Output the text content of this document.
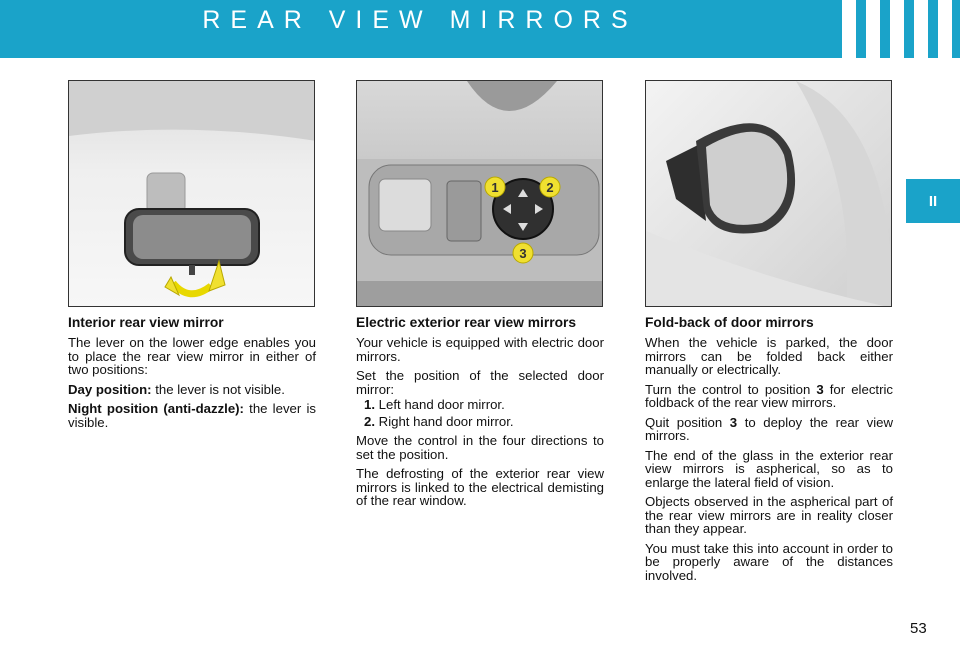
REAR VIEW MIRRORS
II
1	2
3
Interior rear view mirror

The lever on the lower edge enables you to place the rear view mirror in either of two positions:

Day position: the lever is not visible.

Night position (anti-dazzle): the lever is visible.

Electric exterior rear view mirrors

Your vehicle is equipped with electric door mirrors.

Set the position of the selected door mirror:

1. Left hand door mirror.
2. Right hand door mirror.

Move the control in the four directions to set the position.

The defrosting of the exterior rear view mirrors is linked to the electrical demisting of the rear window.

Fold-back of door mirrors

When the vehicle is parked, the door mirrors can be folded back either manually or electrically.

Turn the control to position 3 for electric foldback of the rear view mirrors.

Quit position 3 to deploy the rear view mirrors.

The end of the glass in the exterior rear view mirrors is aspherical, so as to enlarge the lateral field of vision.

Objects observed in the aspherical part of the rear view mirrors are in reality closer than they appear.

You must take this into account in order to be properly aware of the distances involved.

53
